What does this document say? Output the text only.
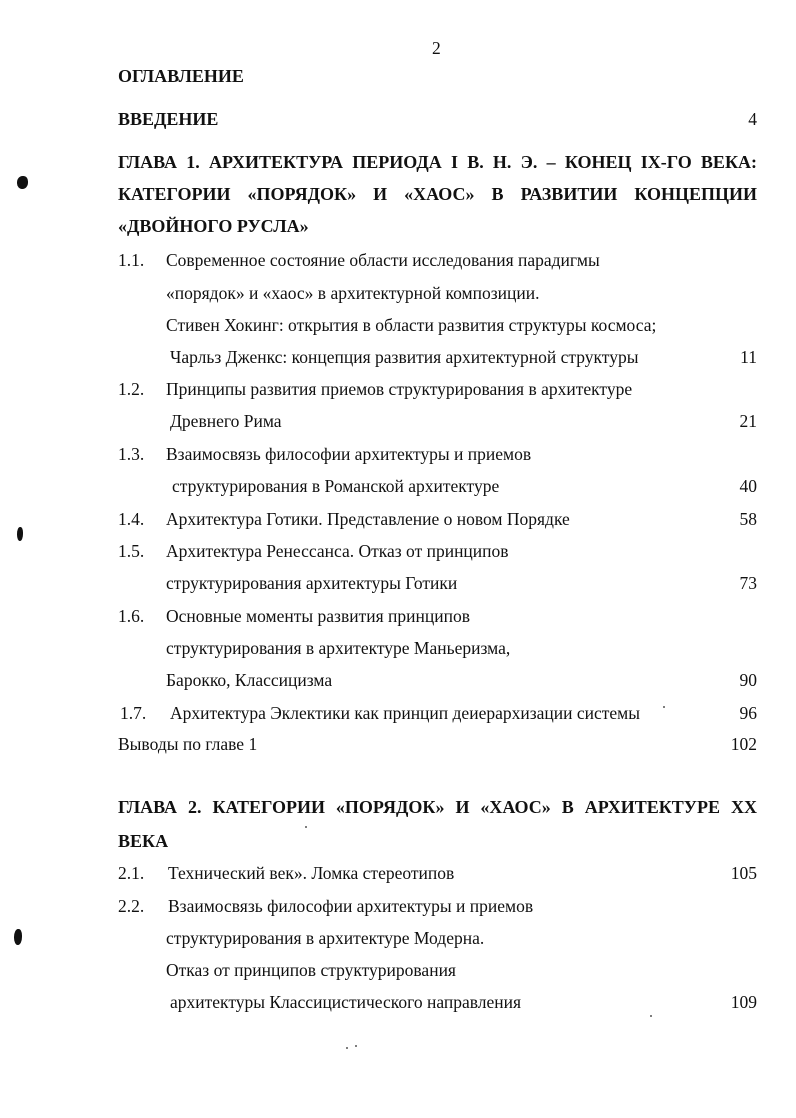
2
ОГЛАВЛЕНИЕ
ВВЕДЕНИЕ	4
ГЛАВА 1. АРХИТЕКТУРА ПЕРИОДА I В. Н. Э. – КОНЕЦ IX-ГО ВЕКА:
КАТЕГОРИИ «ПОРЯДОК» И «ХАОС» В РАЗВИТИИ КОНЦЕПЦИИ
«ДВОЙНОГО РУСЛА»
1.1. Современное состояние области исследования парадигмы
«порядок» и «хаос» в архитектурной композиции.
Стивен Хокинг: открытия в области развития структуры космоса;
Чарльз Дженкс: концепция развития архитектурной структуры	11
1.2. Принципы развития приемов структурирования в архитектуре
Древнего Рима	21
1.3. Взаимосвязь философии архитектуры и приемов
структурирования в Романской архитектуре	40
1.4. Архитектура Готики. Представление о новом Порядке	58
1.5. Архитектура Ренессанса. Отказ от принципов
структурирования архитектуры Готики	73
1.6. Основные моменты развития принципов
структурирования в архитектуре Маньеризма,
Барокко, Классицизма	90
1.7. Архитектура Эклектики как принцип деиерархизации системы	96
Выводы по главе 1	102
ГЛАВА 2. КАТЕГОРИИ «ПОРЯДОК» И «ХАОС» В АРХИТЕКТУРЕ XX
ВЕКА
2.1. Технический век». Ломка стереотипов	105
2.2. Взаимосвязь философии архитектуры и приемов
структурирования в архитектуре Модерна.
Отказ от принципов структурирования
архитектуры Классицистического направления	109
